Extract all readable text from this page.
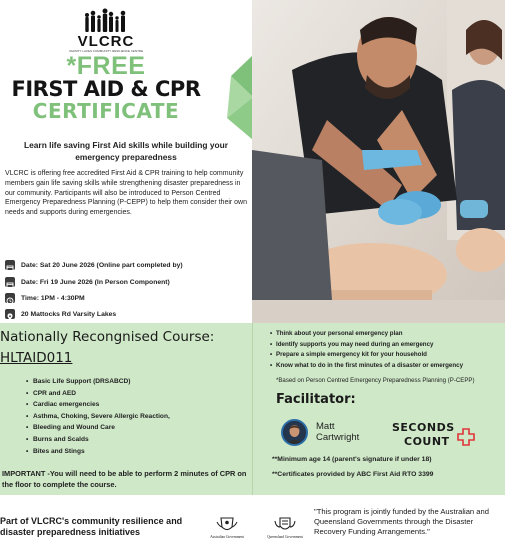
VLCRC
VARSITY LAKES COMMUNITY RESILIENCE CENTRE
*FREE
FIRST AID & CPR
CERTIFICATE
Learn life saving First Aid skills while building your emergency preparedness
VLCRC is offering free accredited First Aid & CPR training to help community members gain life saving skills while strengthening disaster preparedness in our community. Participants will also be introduced to Person Centred Emergency Preparedness Planning (P-CEPP) to help them consider their own needs and supports during emergencies.
Date: Sat 20 June 2026 (Online part completed by)
Date: Fri 19 June 2026 (In Person Component)
Time: 1PM - 4:30PM
20 Mattocks Rd Varsity Lakes
Nationally Recongnised Course:
HLTAID011
• Basic Life Support (DRSABCD)
• CPR and AED
• Cardiac emergencies
• Asthma, Choking, Severe Allergic Reaction,
• Bleeding and Wound Care
• Burns and Scalds
• Bites and Stings
IMPORTANT -You will need to be able to perform 2 minutes of CPR on the floor to complete the course.
• Think about your personal emergency plan
• Identify supports you may need during an emergency
• Prepare a simple emergency kit for your household
• Know what to do in the first minutes of a disaster or emergency
*Based on Person Centred Emergency Preparedness Planning (P-CEPP)
Facilitator:
Matt
Cartwright
SECONDS
COUNT
**Minimum age 14 (parent's signature if under 18)
**Certificates provided by ABC First Aid RTO 3399
Part of VLCRC's community resilience and
disaster preparedness initiatives	Australian Government	Queensland Government
"This program is jointly funded by the Australian and Queensland Governments through the Disaster Recovery Funding Arrangements."
